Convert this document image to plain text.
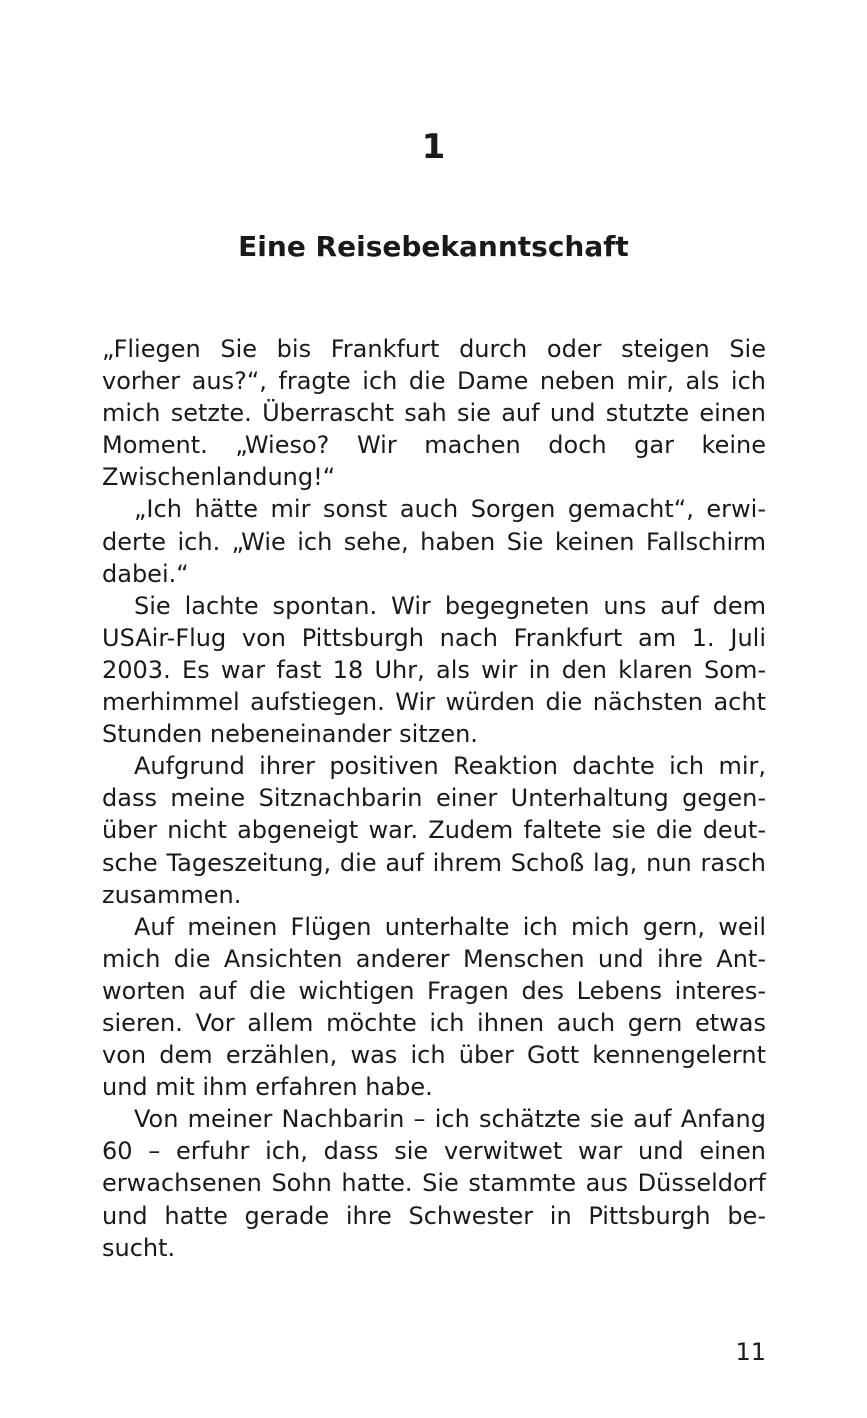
1
Eine Reisebekanntschaft

„Fliegen Sie bis Frankfurt durch oder steigen Sie vorher aus?“, fragte ich die Dame neben mir, als ich mich setzte. Überrascht sah sie auf und stutzte einen Moment. „Wieso? Wir machen doch gar keine Zwischenlandung!“

„Ich hätte mir sonst auch Sorgen gemacht“, erwiderte ich. „Wie ich sehe, haben Sie keinen Fallschirm dabei.“

Sie lachte spontan. Wir begegneten uns auf dem USAir-Flug von Pittsburgh nach Frankfurt am 1. Juli 2003. Es war fast 18 Uhr, als wir in den klaren Sommerhimmel aufstiegen. Wir würden die nächsten acht Stunden nebeneinander sitzen.

Aufgrund ihrer positiven Reaktion dachte ich mir, dass meine Sitznachbarin einer Unterhaltung gegenüber nicht abgeneigt war. Zudem faltete sie die deutsche Tageszeitung, die auf ihrem Schoß lag, nun rasch zusammen.

Auf meinen Flügen unterhalte ich mich gern, weil mich die Ansichten anderer Menschen und ihre Antworten auf die wichtigen Fragen des Lebens interessieren. Vor allem möchte ich ihnen auch gern etwas von dem erzählen, was ich über Gott kennengelernt und mit ihm erfahren habe.

Von meiner Nachbarin – ich schätzte sie auf Anfang 60 – erfuhr ich, dass sie verwitwet war und einen erwachsenen Sohn hatte. Sie stammte aus Düsseldorf und hatte gerade ihre Schwester in Pittsburgh besucht.

11
